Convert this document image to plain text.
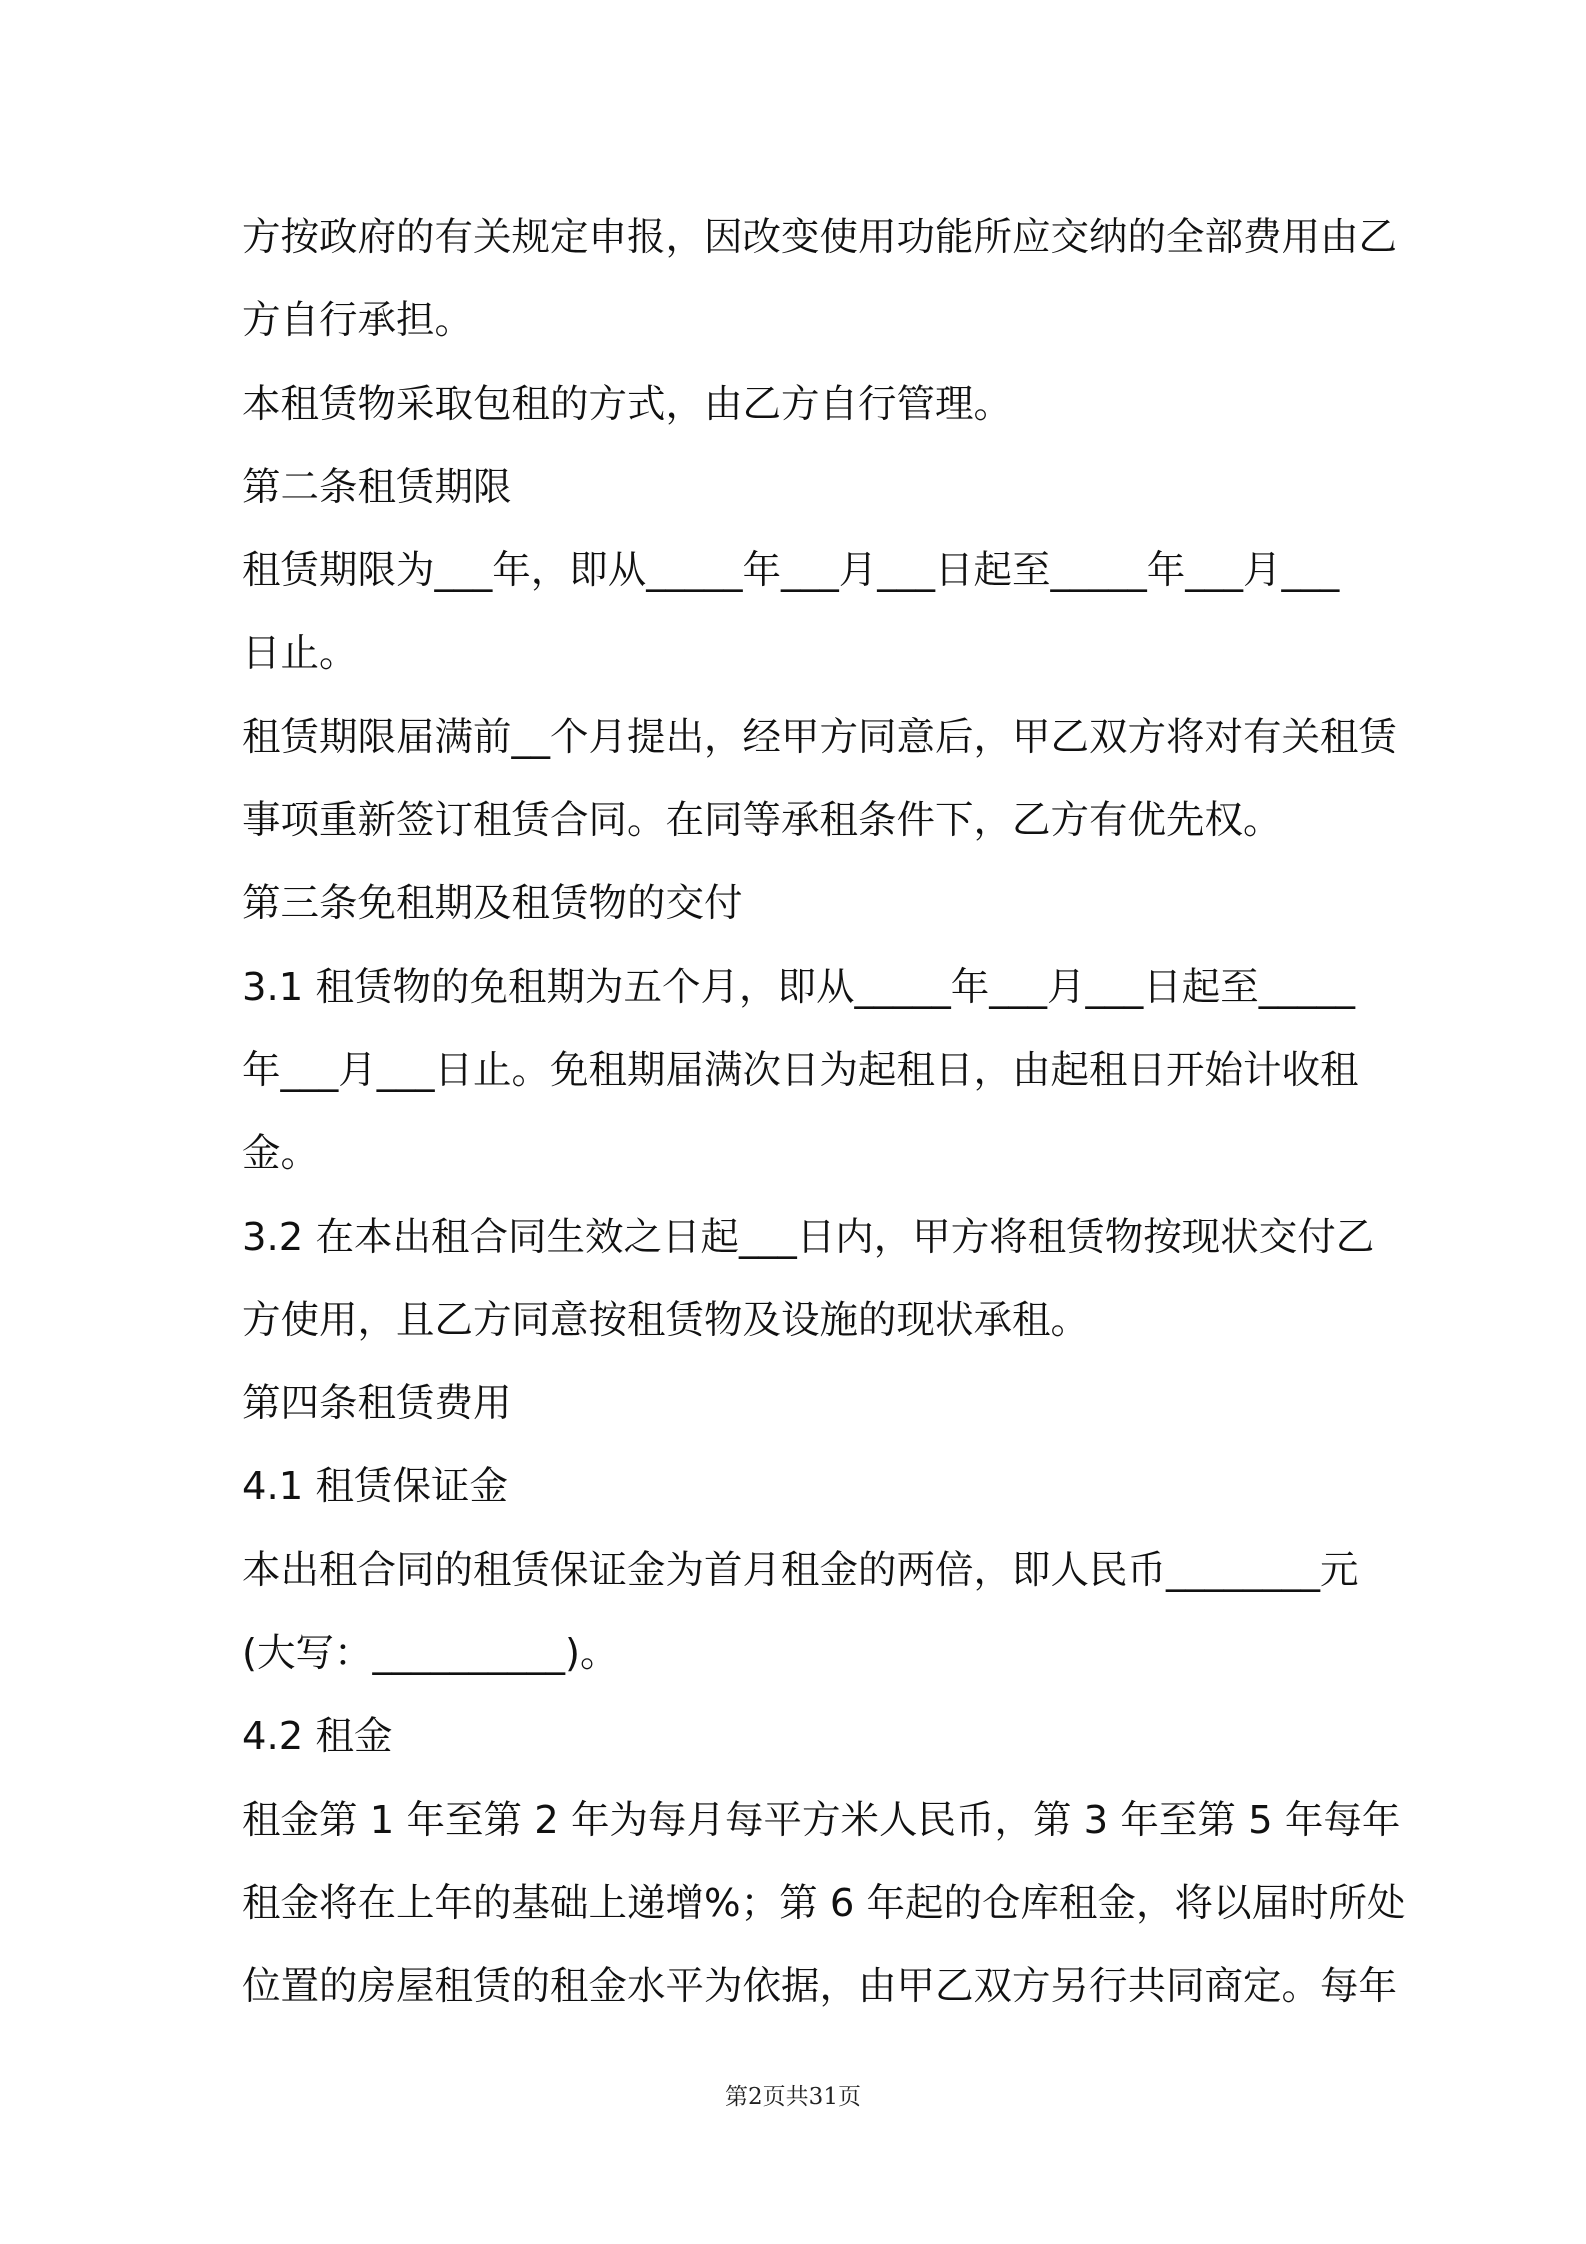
方按政府的有关规定申报，因改变使用功能所应交纳的全部费用由乙
方自行承担。
本租赁物采取包租的方式，由乙方自行管理。
第二条租赁期限
租赁期限为___年，即从_____年___月___日起至_____年___月___
日止。
租赁期限届满前__个月提出，经甲方同意后，甲乙双方将对有关租赁
事项重新签订租赁合同。在同等承租条件下，乙方有优先权。
第三条免租期及租赁物的交付
3.1 租赁物的免租期为五个月，即从_____年___月___日起至_____
年___月___日止。免租期届满次日为起租日，由起租日开始计收租
金。
3.2 在本出租合同生效之日起___日内，甲方将租赁物按现状交付乙
方使用，且乙方同意按租赁物及设施的现状承租。
第四条租赁费用
4.1 租赁保证金
本出租合同的租赁保证金为首月租金的两倍，即人民币________元
(大写：__________)。
4.2 租金
租金第 1 年至第 2 年为每月每平方米人民币，第 3 年至第 5 年每年
租金将在上年的基础上递增%；第 6 年起的仓库租金，将以届时所处
位置的房屋租赁的租金水平为依据，由甲乙双方另行共同商定。每年
第2页共31页
